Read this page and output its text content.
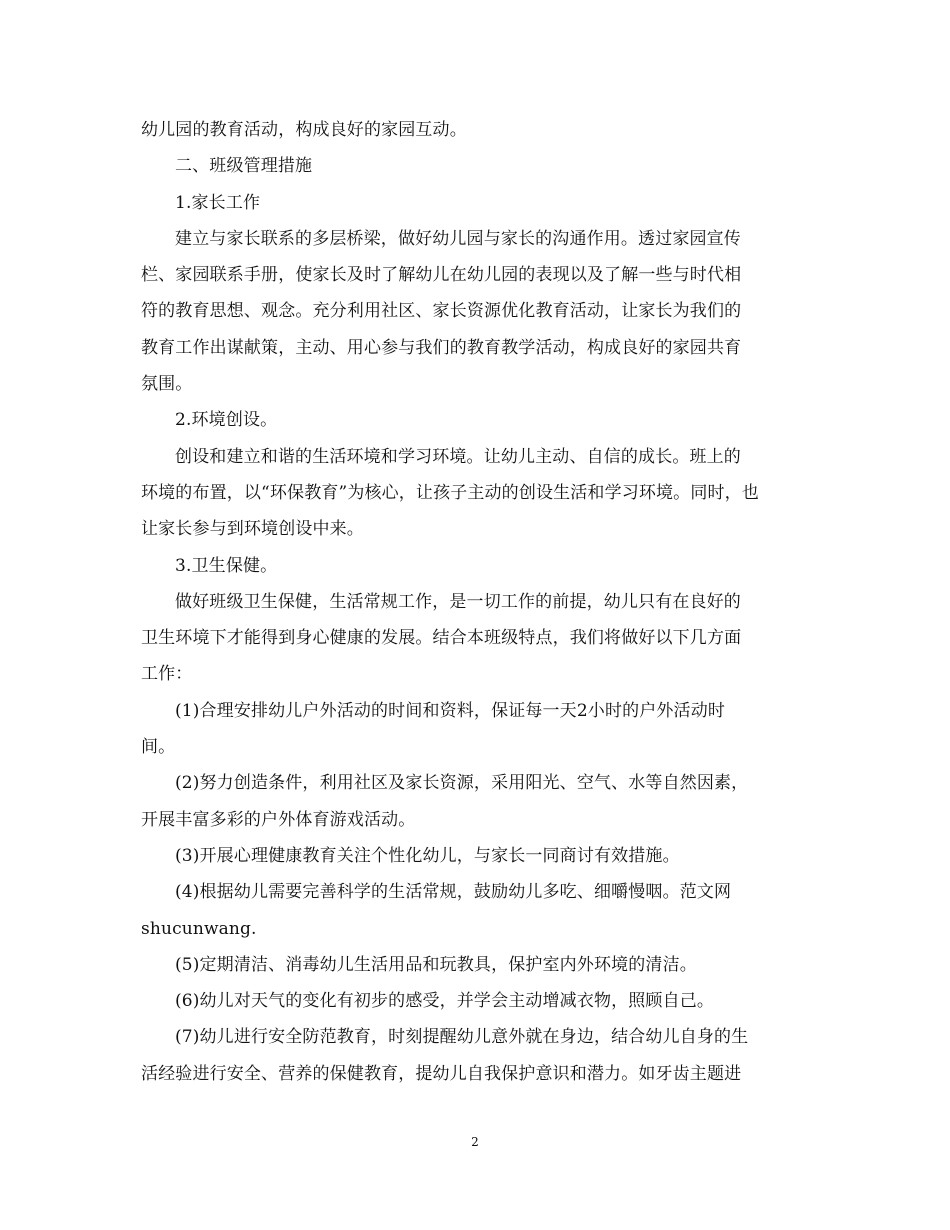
幼儿园的教育活动，构成良好的家园互动。
二、班级管理措施
1.家长工作
建立与家长联系的多层桥梁，做好幼儿园与家长的沟通作用。透过家园宣传
栏、家园联系手册，使家长及时了解幼儿在幼儿园的表现以及了解一些与时代相
符的教育思想、观念。充分利用社区、家长资源优化教育活动，让家长为我们的
教育工作出谋献策，主动、用心参与我们的教育教学活动，构成良好的家园共育
氛围。
2.环境创设。
创设和建立和谐的生活环境和学习环境。让幼儿主动、自信的成长。班上的
环境的布置，以“环保教育”为核心，让孩子主动的创设生活和学习环境。同时，也
让家长参与到环境创设中来。
3.卫生保健。
做好班级卫生保健，生活常规工作，是一切工作的前提，幼儿只有在良好的
卫生环境下才能得到身心健康的发展。结合本班级特点，我们将做好以下几方面
工作：
(1)合理安排幼儿户外活动的时间和资料，保证每一天2小时的户外活动时
间。
(2)努力创造条件，利用社区及家长资源，采用阳光、空气、水等自然因素，
开展丰富多彩的户外体育游戏活动。
(3)开展心理健康教育关注个性化幼儿，与家长一同商讨有效措施。
(4)根据幼儿需要完善科学的生活常规，鼓励幼儿多吃、细嚼慢咽。范文网
shucunwang.
(5)定期清洁、消毒幼儿生活用品和玩教具，保护室内外环境的清洁。
(6)幼儿对天气的变化有初步的感受，并学会主动增减衣物，照顾自己。
(7)幼儿进行安全防范教育，时刻提醒幼儿意外就在身边，结合幼儿自身的生
活经验进行安全、营养的保健教育，提幼儿自我保护意识和潜力。如牙齿主题进
2
